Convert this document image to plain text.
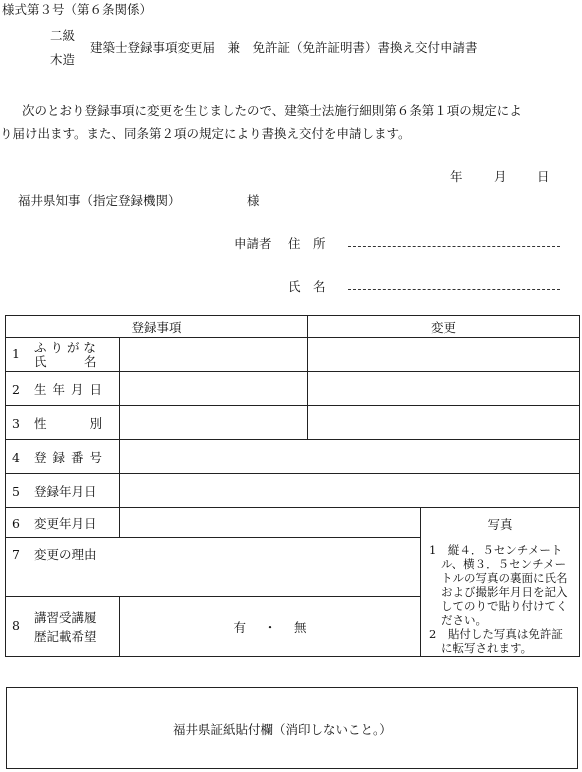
様式第３号（第６条関係）
二級
木造
建築士登録事項変更届　兼　免許証（免許証明書）書換え交付申請書
次のとおり登録事項に変更を生じましたので、建築士法施行細則第６条第１項の規定によ
り届け出ます。また、同条第２項の規定により書換え交付を申請します。
年	月 日
福井県知事（指定登録機関）	様
申請者 住　所
氏　名
登録事項		変更	
1 ふ り が な
氏　　　名			

2 生年月日			
3 性　　別			
4 登録番号			
5 登録年月日			
6 変更年月日			写真

1　縦４．５センチメートル、横３．５センチメートルの写真の裏面に氏名および撮影年月日を記入してのりで貼り付けてください。

2　貼付した写真は免許証に転写されます。

7 変更の理由			
8
講習受講履
歴記載希望	有 ・ 無		
福井県証紙貼付欄（消印しないこと。）
